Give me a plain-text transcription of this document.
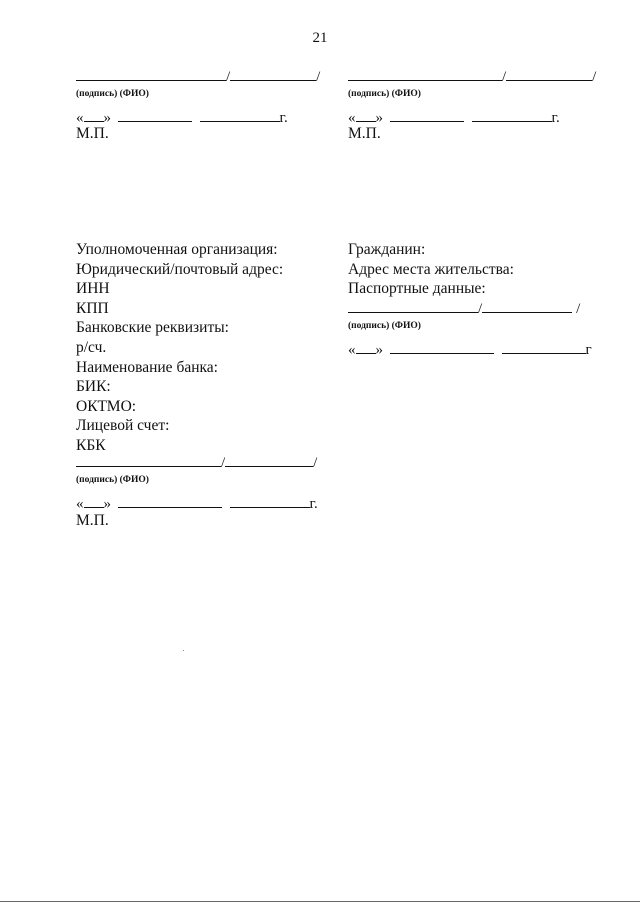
21
/	/
(подпись) (ФИО)
« »	г.
М.П.
/	/
(подпись) (ФИО)
« »	г.
М.П.
Уполномоченная организация:
Юридический/почтовый адрес:
ИНН
КПП
Банковские реквизиты:
р/сч.
Наименование банка:
БИК:
ОКТМО:
Лицевой счет:
КБК
/	/
(подпись) (ФИО)
« »	г.
М.П.
Гражданин:
Адрес места жительства:
Паспортные данные:
/	/
(подпись) (ФИО)
« »	г
